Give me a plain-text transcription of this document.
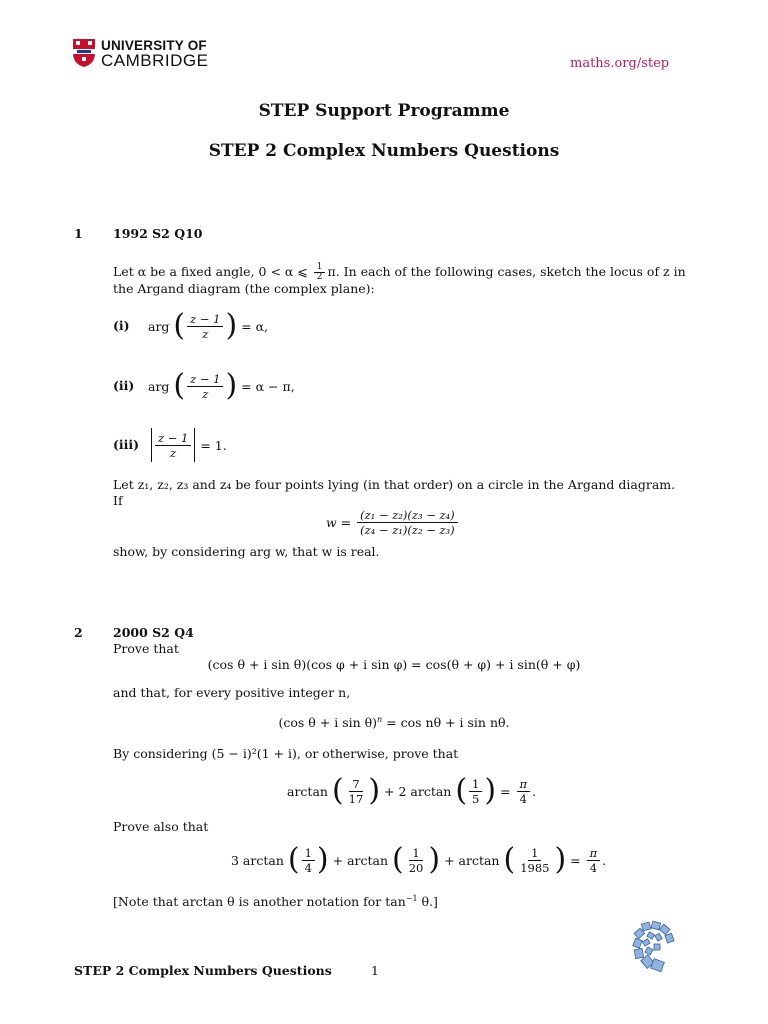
UNIVERSITY OF
CAMBRIDGE	maths.org/step
STEP Support Programme
STEP 2 Complex Numbers Questions
1 1992 S2 Q10
Let α be a fixed angle, 0 < α ⩽ $\frac{1}{2} \pi$. In each of the following cases, sketch the locus of z in
the Argand diagram (the complex plane):
(i) arg
( $\frac{z - 1}{z}$ )
= α,
(ii) arg
( $\frac{z - 1}{z}$ )
= α − π,
$(iii) \frac{z - 1}{z}$
= 1.
Let z₁, z₂, z₃ and z₄ be four points lying (in that order) on a circle in the Argand diagram.
If
w =
$\frac{\text{(z₁ − z₂)(z₃ − z₄)}}{\text{(z₄ − z₁)(z₂ − z₃)}}$
show, by considering arg w, that w is real.
2 2000 S2 Q4
Prove that
(cos θ + i sin θ)(cos φ + i sin φ) = cos(θ + φ) + i sin(θ + φ)
and that, for every positive integer n,
(cos θ + i sin θ)$^n$ = cos nθ + i sin nθ.
By considering (5 − i)²(1 + i), or otherwise, prove that
arctan
( $\frac{7}{17}$ )
+ 2 arctan
( $\frac{1}{5}$ )
=
$\frac{\pi}{4}$ .
Prove also that
3 arctan
( $\frac{1}{4}$ )
+ arctan
( $\frac{1}{20}$ )
+ arctan
( $\frac{1}{1985}$ )
=
$\frac{\pi}{4}$ .
[Note that arctan θ is another notation for $\tan^{-1} \theta$.]
STEP 2 Complex Numbers Questions	1
